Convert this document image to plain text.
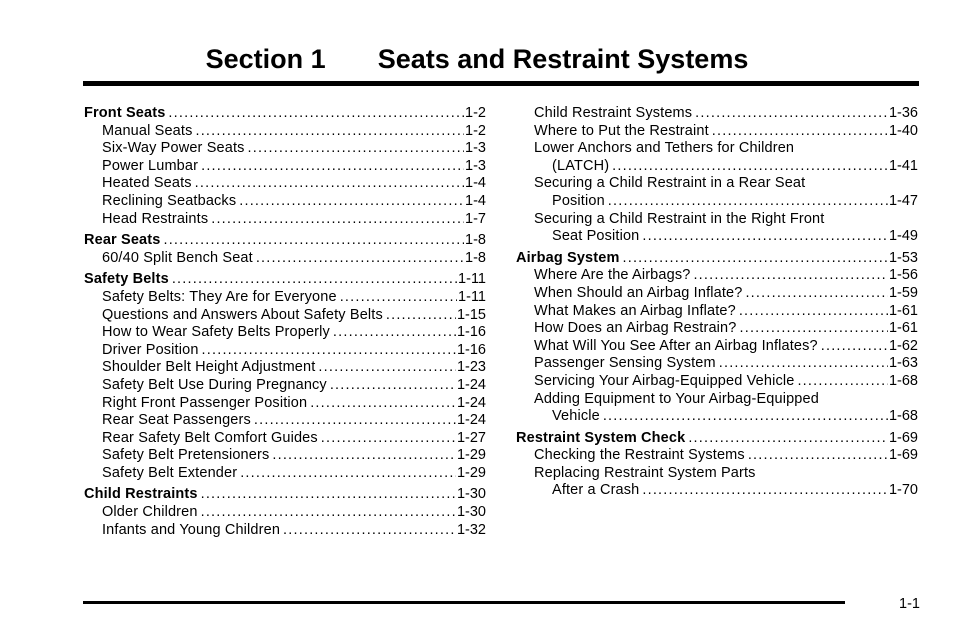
Section 1 Seats and Restraint Systems
Front Seats .....	1-2
Manual Seats .....	1-2
Six-Way Power Seats .....	1-3
Power Lumbar .....	1-3
Heated Seats .....	1-4
Reclining Seatbacks .....	1-4
Head Restraints .....	1-7
Rear Seats .....	1-8
60/40 Split Bench Seat .....	1-8
Safety Belts .....	1-11
Safety Belts: They Are for Everyone .....	1-11
Questions and Answers About Safety Belts .....	1-15
How to Wear Safety Belts Properly .....	1-16
Driver Position .....	1-16
Shoulder Belt Height Adjustment .....	1-23
Safety Belt Use During Pregnancy .....	1-24
Right Front Passenger Position .....	1-24
Rear Seat Passengers .....	1-24
Rear Safety Belt Comfort Guides .....	1-27
Safety Belt Pretensioners .....	1-29
Safety Belt Extender .....	1-29
Child Restraints .....	1-30
Older Children .....	1-30
Infants and Young Children .....	1-32
Child Restraint Systems .....	1-36
Where to Put the Restraint .....	1-40
Lower Anchors and Tethers for Children
(LATCH) .....	1-41
Securing a Child Restraint in a Rear Seat
Position .....	1-47
Securing a Child Restraint in the Right Front
Seat Position .....	1-49
Airbag System .....	1-53
Where Are the Airbags? .....	1-56
When Should an Airbag Inflate? .....	1-59
What Makes an Airbag Inflate? .....	1-61
How Does an Airbag Restrain? .....	1-61
What Will You See After an Airbag Inflates? .....	1-62
Passenger Sensing System .....	1-63
Servicing Your Airbag-Equipped Vehicle .....	1-68
Adding Equipment to Your Airbag-Equipped
Vehicle .....	1-68
Restraint System Check .....	1-69
Checking the Restraint Systems .....	1-69
Replacing Restraint System Parts
After a Crash .....	1-70
1-1
